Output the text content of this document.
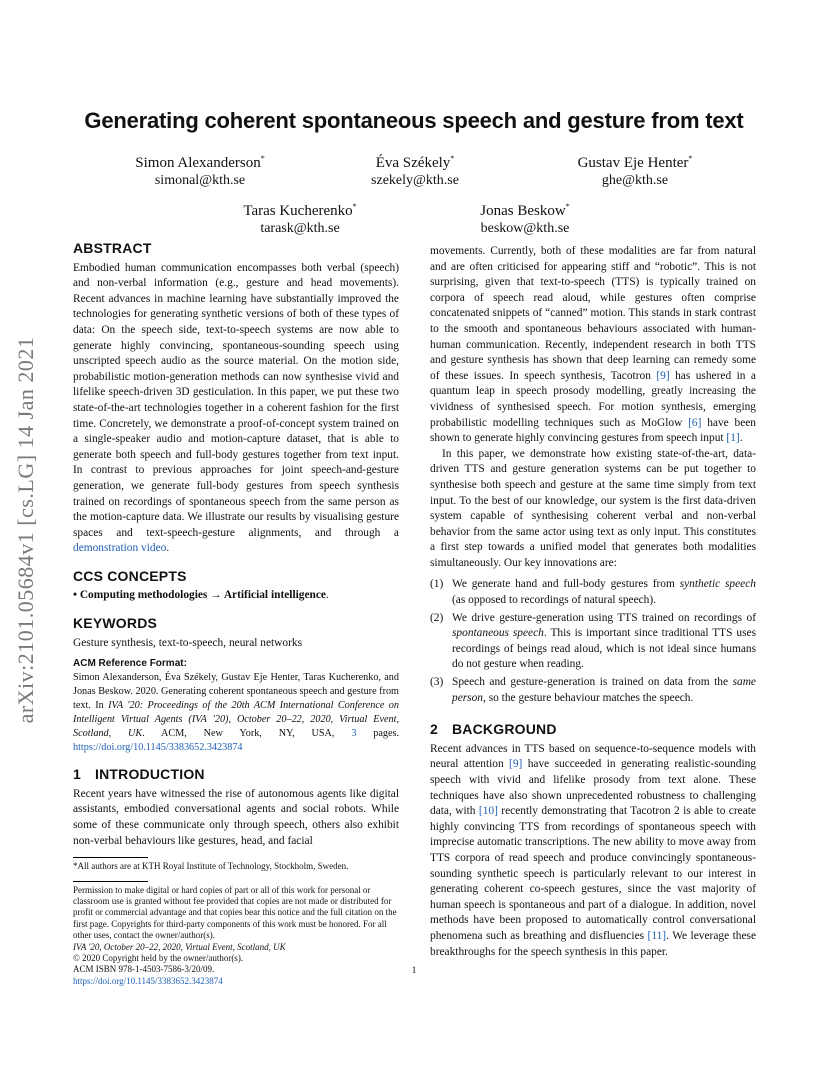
arXiv:2101.05684v1 [cs.LG] 14 Jan 2021
Generating coherent spontaneous speech and gesture from text
Simon Alexanderson*
simonal@kth.se
Éva Székely*
szekely@kth.se
Gustav Eje Henter*
ghe@kth.se
Taras Kucherenko*
tarask@kth.se
Jonas Beskow*
beskow@kth.se
ABSTRACT

Embodied human communication encompasses both verbal (speech) and non-verbal information (e.g., gesture and head movements). Recent advances in machine learning have substantially improved the technologies for generating synthetic versions of both of these types of data: On the speech side, text-to-speech systems are now able to generate highly convincing, spontaneous-sounding speech using unscripted speech audio as the source material. On the motion side, probabilistic motion-generation methods can now synthesise vivid and lifelike speech-driven 3D gesticulation. In this paper, we put these two state-of-the-art technologies together in a coherent fashion for the first time. Concretely, we demonstrate a proof-of-concept system trained on a single-speaker audio and motion-capture dataset, that is able to generate both speech and full-body gestures together from text input. In contrast to previous approaches for joint speech-and-gesture generation, we generate full-body gestures from speech synthesis trained on recordings of spontaneous speech from the same person as the motion-capture data. We illustrate our results by visualising gesture spaces and text-speech-gesture alignments, and through a demonstration video.

CCS CONCEPTS

• Computing methodologies → Artificial intelligence.

KEYWORDS

Gesture synthesis, text-to-speech, neural networks

ACM Reference Format:

Simon Alexanderson, Éva Székely, Gustav Eje Henter, Taras Kucherenko, and Jonas Beskow. 2020. Generating coherent spontaneous speech and gesture from text. In IVA '20: Proceedings of the 20th ACM International Conference on Intelligent Virtual Agents (IVA '20), October 20–22, 2020, Virtual Event, Scotland, UK. ACM, New York, NY, USA, 3 pages. https://doi.org/10.1145/3383652.3423874

1 INTRODUCTION

Recent years have witnessed the rise of autonomous agents like digital assistants, embodied conversational agents and social robots. While some of these communicate only through speech, others also exhibit non-verbal behaviours like gestures, head, and facial

*All authors are at KTH Royal Institute of Technology, Stockholm, Sweden.

Permission to make digital or hard copies of part or all of this work for personal or classroom use is granted without fee provided that copies are not made or distributed for profit or commercial advantage and that copies bear this notice and the full citation on the first page. Copyrights for third-party components of this work must be honored. For all other uses, contact the owner/author(s).

IVA '20, October 20–22, 2020, Virtual Event, Scotland, UK
© 2020 Copyright held by the owner/author(s).
ACM ISBN 978-1-4503-7586-3/20/09.
https://doi.org/10.1145/3383652.3423874

movements. Currently, both of these modalities are far from natural and are often criticised for appearing stiff and “robotic”. This is not surprising, given that text-to-speech (TTS) is typically trained on corpora of speech read aloud, while gestures often comprise concatenated snippets of “canned” motion. This stands in stark contrast to the smooth and spontaneous behaviours associated with human-human communication. Recently, independent research in both TTS and gesture synthesis has shown that deep learning can remedy some of these issues. In speech synthesis, Tacotron [9] has ushered in a quantum leap in speech prosody modelling, greatly increasing the vividness of synthesised speech. For motion synthesis, emerging probabilistic modelling techniques such as MoGlow [6] have been shown to generate highly convincing gestures from speech input [1].

In this paper, we demonstrate how existing state-of-the-art, data-driven TTS and gesture generation systems can be put together to synthesise both speech and gesture at the same time simply from text input. To the best of our knowledge, our system is the first data-driven system capable of synthesising coherent verbal and non-verbal behavior from the same actor using text as only input. This constitutes a first step towards a unified model that generates both modalities simultaneously. Our key innovations are:

(1) We generate hand and full-body gestures from synthetic speech (as opposed to recordings of natural speech).
(2) We drive gesture-generation using TTS trained on recordings of spontaneous speech. This is important since traditional TTS uses recordings of beings read aloud, which is not ideal since humans do not gesture when reading.
(3) Speech and gesture-generation is trained on data from the same person, so the gesture behaviour matches the speech.
2 BACKGROUND

Recent advances in TTS based on sequence-to-sequence models with neural attention [9] have succeeded in generating realistic-sounding speech with vivid and lifelike prosody from text alone. These techniques have also shown unprecedented robustness to challenging data, with [10] recently demonstrating that Tacotron 2 is able to create highly convincing TTS from recordings of spontaneous speech with imprecise automatic transcriptions. The new ability to move away from TTS corpora of read speech and produce convincingly spontaneous-sounding synthetic speech is particularly relevant to our interest in generating coherent co-speech gestures, since the vast majority of human speech is spontaneous and part of a dialogue. In addition, novel methods have been proposed to automatically control conversational phenomena such as breathing and disfluencies [11]. We leverage these breakthroughs for the speech synthesis in this paper.

1
